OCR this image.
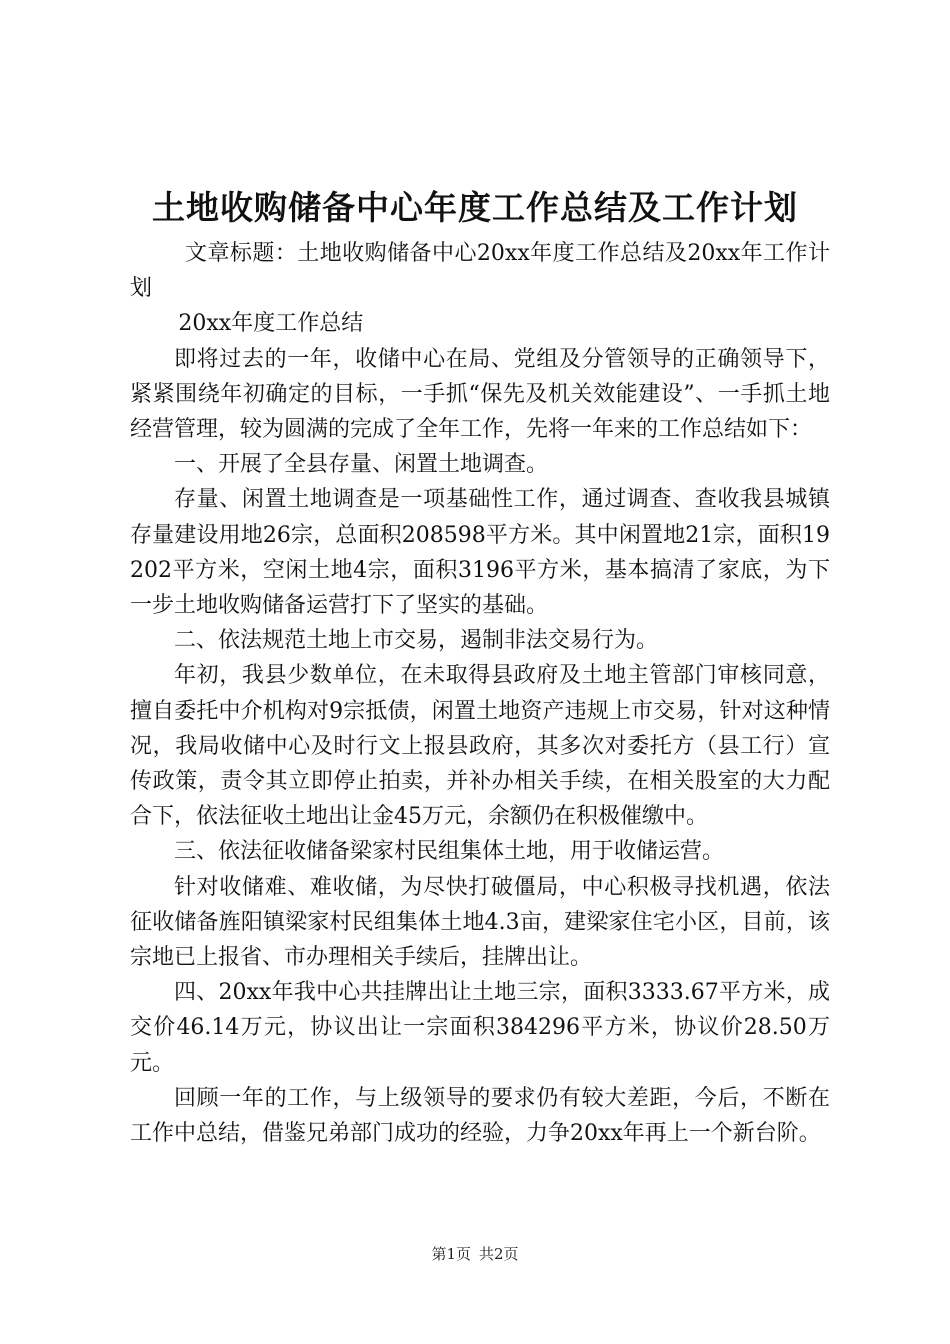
土地收购储备中心年度工作总结及工作计划

文章标题：土地收购储备中心20xx年度工作总结及20xx年工作计划

20xx年度工作总结

即将过去的一年，收储中心在局、党组及分管领导的正确领导下，紧紧围绕年初确定的目标，一手抓“保先及机关效能建设”、一手抓土地经营管理，较为圆满的完成了全年工作，先将一年来的工作总结如下：

一、开展了全县存量、闲置土地调查。

存量、闲置土地调查是一项基础性工作，通过调查、查收我县城镇存量建设用地26宗，总面积208598平方米。其中闲置地21宗，面积19202平方米，空闲土地4宗，面积3196平方米，基本搞清了家底，为下一步土地收购储备运营打下了坚实的基础。

二、依法规范土地上市交易，遏制非法交易行为。

年初，我县少数单位，在未取得县政府及土地主管部门审核同意，擅自委托中介机构对9宗抵债，闲置土地资产违规上市交易，针对这种情况，我局收储中心及时行文上报县政府，其多次对委托方（县工行）宣传政策，责令其立即停止拍卖，并补办相关手续，在相关股室的大力配合下，依法征收土地出让金45万元，余额仍在积极催缴中。

三、依法征收储备梁家村民组集体土地，用于收储运营。

针对收储难、难收储，为尽快打破僵局，中心积极寻找机遇，依法征收储备旌阳镇梁家村民组集体土地4.3亩，建梁家住宅小区，目前，该宗地已上报省、市办理相关手续后，挂牌出让。

四、20xx年我中心共挂牌出让土地三宗，面积3333.67平方米，成交价46.14万元，协议出让一宗面积384296平方米，协议价28.50万元。

回顾一年的工作，与上级领导的要求仍有较大差距，今后，不断在工作中总结，借鉴兄弟部门成功的经验，力争20xx年再上一个新台阶。

第1页 共2页
